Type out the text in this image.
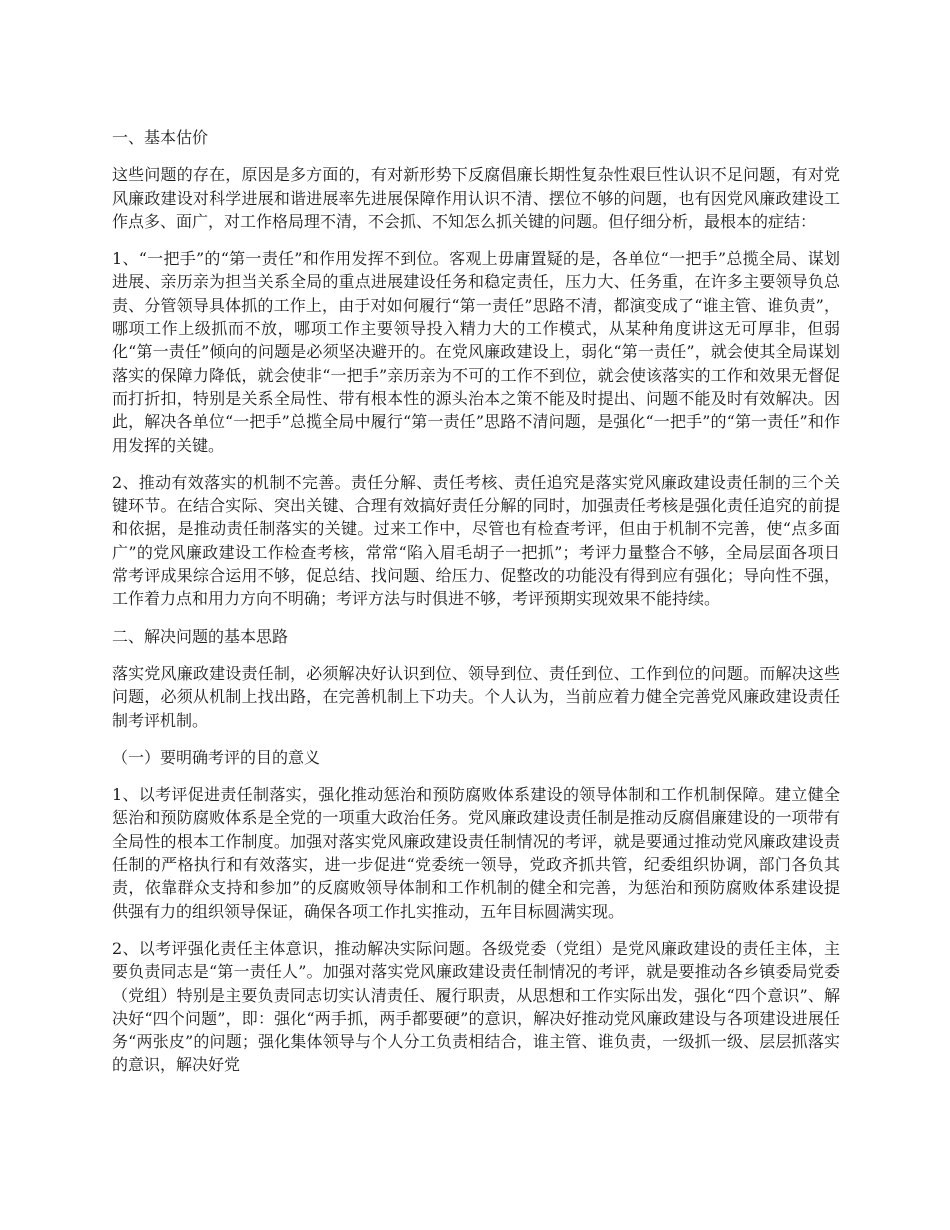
一、基本估价

这些问题的存在，原因是多方面的，有对新形势下反腐倡廉长期性复杂性艰巨性认识不足问题，有对党风廉政建设对科学进展和谐进展率先进展保障作用认识不清、摆位不够的问题，也有因党风廉政建设工作点多、面广，对工作格局理不清，不会抓、不知怎么抓关键的问题。但仔细分析，最根本的症结：

1、“一把手”的“第一责任”和作用发挥不到位。客观上毋庸置疑的是，各单位“一把手”总揽全局、谋划进展、亲历亲为担当关系全局的重点进展建设任务和稳定责任，压力大、任务重，在许多主要领导负总责、分管领导具体抓的工作上，由于对如何履行“第一责任”思路不清，都演变成了“谁主管、谁负责”，哪项工作上级抓而不放，哪项工作主要领导投入精力大的工作模式，从某种角度讲这无可厚非，但弱化“第一责任”倾向的问题是必须坚决避开的。在党风廉政建设上，弱化“第一责任”，就会使其全局谋划落实的保障力降低，就会使非“一把手”亲历亲为不可的工作不到位，就会使该落实的工作和效果无督促而打折扣，特别是关系全局性、带有根本性的源头治本之策不能及时提出、问题不能及时有效解决。因此，解决各单位“一把手”总揽全局中履行“第一责任”思路不清问题，是强化“一把手”的“第一责任”和作用发挥的关键。

2、推动有效落实的机制不完善。责任分解、责任考核、责任追究是落实党风廉政建设责任制的三个关键环节。在结合实际、突出关键、合理有效搞好责任分解的同时，加强责任考核是强化责任追究的前提和依据，是推动责任制落实的关键。过来工作中，尽管也有检查考评，但由于机制不完善，使“点多面广”的党风廉政建设工作检查考核，常常“陷入眉毛胡子一把抓”；考评力量整合不够，全局层面各项日常考评成果综合运用不够，促总结、找问题、给压力、促整改的功能没有得到应有强化；导向性不强，工作着力点和用力方向不明确；考评方法与时俱进不够，考评预期实现效果不能持续。

二、解决问题的基本思路

落实党风廉政建设责任制，必须解决好认识到位、领导到位、责任到位、工作到位的问题。而解决这些问题，必须从机制上找出路，在完善机制上下功夫。个人认为，当前应着力健全完善党风廉政建设责任制考评机制。

（一）要明确考评的目的意义

1、以考评促进责任制落实，强化推动惩治和预防腐败体系建设的领导体制和工作机制保障。建立健全惩治和预防腐败体系是全党的一项重大政治任务。党风廉政建设责任制是推动反腐倡廉建设的一项带有全局性的根本工作制度。加强对落实党风廉政建设责任制情况的考评，就是要通过推动党风廉政建设责任制的严格执行和有效落实，进一步促进“党委统一领导，党政齐抓共管，纪委组织协调，部门各负其责，依靠群众支持和参加”的反腐败领导体制和工作机制的健全和完善，为惩治和预防腐败体系建设提供强有力的组织领导保证，确保各项工作扎实推动，五年目标圆满实现。

2、以考评强化责任主体意识，推动解决实际问题。各级党委（党组）是党风廉政建设的责任主体，主要负责同志是“第一责任人”。加强对落实党风廉政建设责任制情况的考评，就是要推动各乡镇委局党委（党组）特别是主要负责同志切实认清责任、履行职责，从思想和工作实际出发，强化“四个意识”、解决好“四个问题”，即：强化“两手抓，两手都要硬”的意识，解决好推动党风廉政建设与各项建设进展任务“两张皮”的问题；强化集体领导与个人分工负责相结合，谁主管、谁负责，一级抓一级、层层抓落实的意识，解决好党
